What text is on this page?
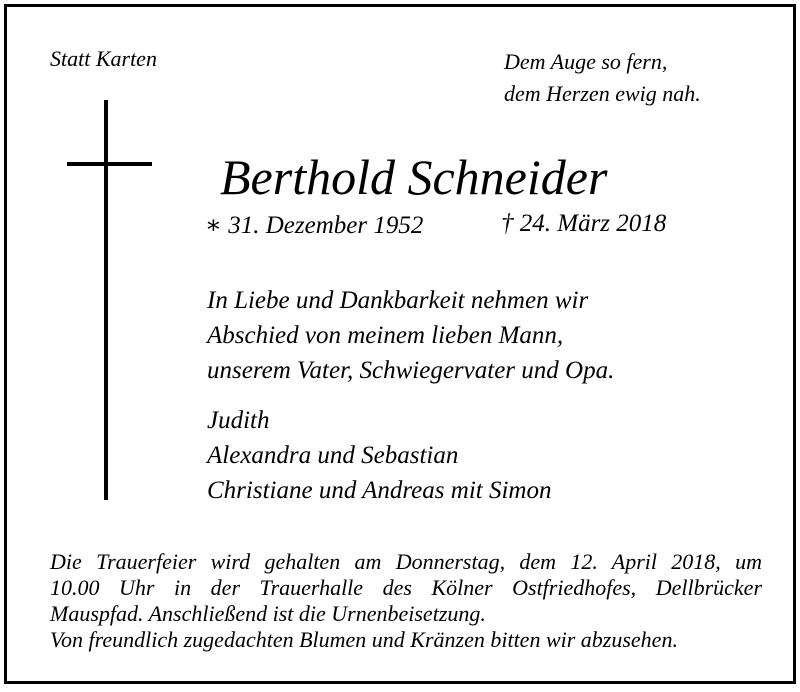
Statt Karten	Dem Auge so fern,
dem Herzen ewig nah.
Berthold Schneider
∗ 31. Dezember 1952	† 24. März 2018
In Liebe und Dankbarkeit nehmen wir
Abschied von meinem lieben Mann,
unserem Vater, Schwiegervater und Opa.
Judith
Alexandra und Sebastian
Christiane und Andreas mit Simon
Die Trauerfeier wird gehalten am Donnerstag, dem 12. April 2018, um
10.00 Uhr in der Trauerhalle des Kölner Ostfriedhofes, Dellbrücker
Mauspfad. Anschließend ist die Urnenbeisetzung.
Von freundlich zugedachten Blumen und Kränzen bitten wir abzusehen.
